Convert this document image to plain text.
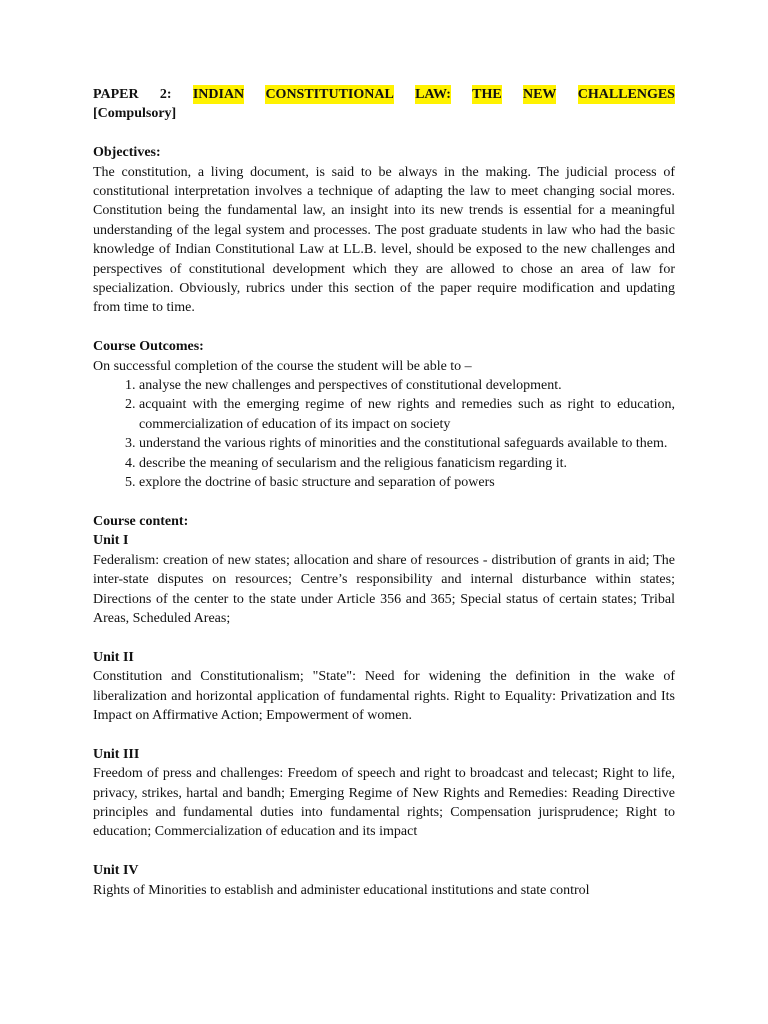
PAPER 2: INDIAN CONSTITUTIONAL LAW: THE NEW CHALLENGES
[Compulsory]
Objectives:

The constitution, a living document, is said to be always in the making. The judicial process of constitutional interpretation involves a technique of adapting the law to meet changing social mores. Constitution being the fundamental law, an insight into its new trends is essential for a meaningful understanding of the legal system and processes. The post graduate students in law who had the basic knowledge of Indian Constitutional Law at LL.B. level, should be exposed to the new challenges and perspectives of constitutional development which they are allowed to chose an area of law for specialization. Obviously, rubrics under this section of the paper require modification and updating from time to time.

Course Outcomes:
On successful completion of the course the student will be able to –
1. analyse the new challenges and perspectives of constitutional development.
2. acquaint with the emerging regime of new rights and remedies such as right to education, commercialization of education of its impact on society
3. understand the various rights of minorities and the constitutional safeguards available to them.
4. describe the meaning of secularism and the religious fanaticism regarding it.
5. explore the doctrine of basic structure and separation of powers
Course content:
Unit I

Federalism: creation of new states; allocation and share of resources - distribution of grants in aid; The inter-state disputes on resources; Centre’s responsibility and internal disturbance within states; Directions of the center to the state under Article 356 and 365; Special status of certain states; Tribal Areas, Scheduled Areas;

Unit II

Constitution and Constitutionalism; "State": Need for widening the definition in the wake of liberalization and horizontal application of fundamental rights. Right to Equality: Privatization and Its Impact on Affirmative Action; Empowerment of women.

Unit III

Freedom of press and challenges: Freedom of speech and right to broadcast and telecast; Right to life, privacy, strikes, hartal and bandh; Emerging Regime of New Rights and Remedies: Reading Directive principles and fundamental duties into fundamental rights; Compensation jurisprudence; Right to education; Commercialization of education and its impact

Unit IV

Rights of Minorities to establish and administer educational institutions and state control
